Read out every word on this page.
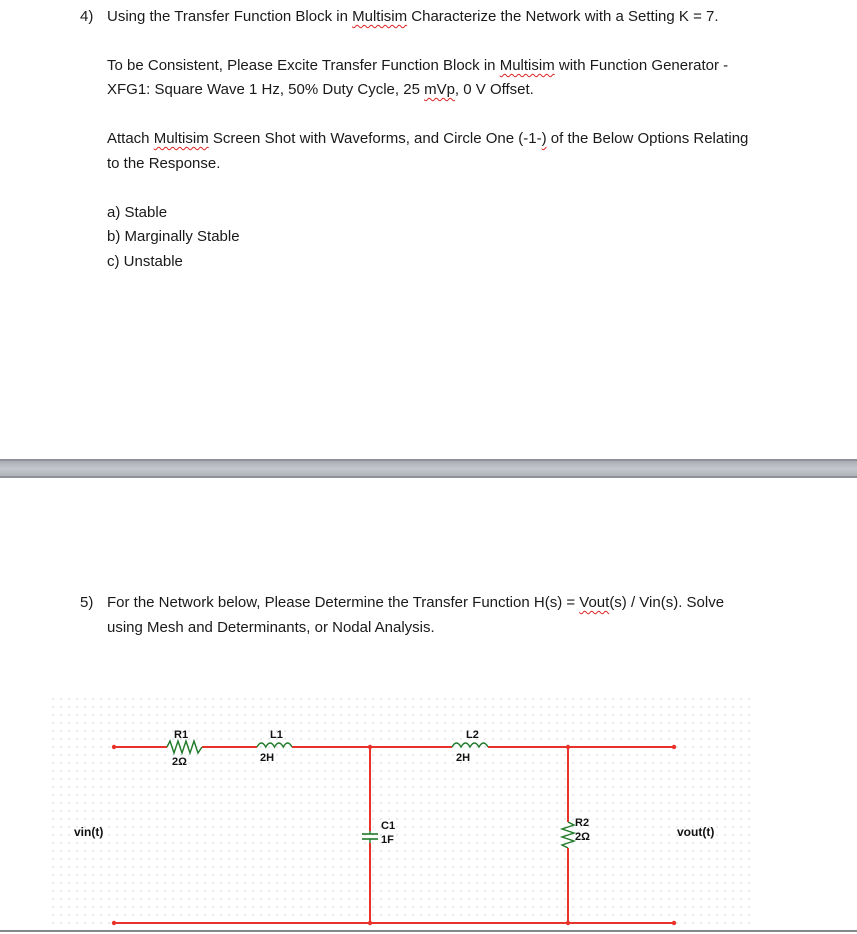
4) Using the Transfer Function Block in Multisim Characterize the Network with a Setting K = 7.
To be Consistent, Please Excite Transfer Function Block in Multisim with Function Generator -
XFG1: Square Wave 1 Hz, 50% Duty Cycle, 25 mVp, 0 V Offset.
Attach Multisim Screen Shot with Waveforms, and Circle One (-1-) of the Below Options Relating
to the Response.
a) Stable
b) Marginally Stable
c) Unstable
5) For the Network below, Please Determine the Transfer Function H(s) = Vout(s) / Vin(s). Solve
using Mesh and Determinants, or Nodal Analysis.
R1
2Ω
L1
2H
L2
2H
C1
1F
R2
2Ω
vin(t)	vout(t)
